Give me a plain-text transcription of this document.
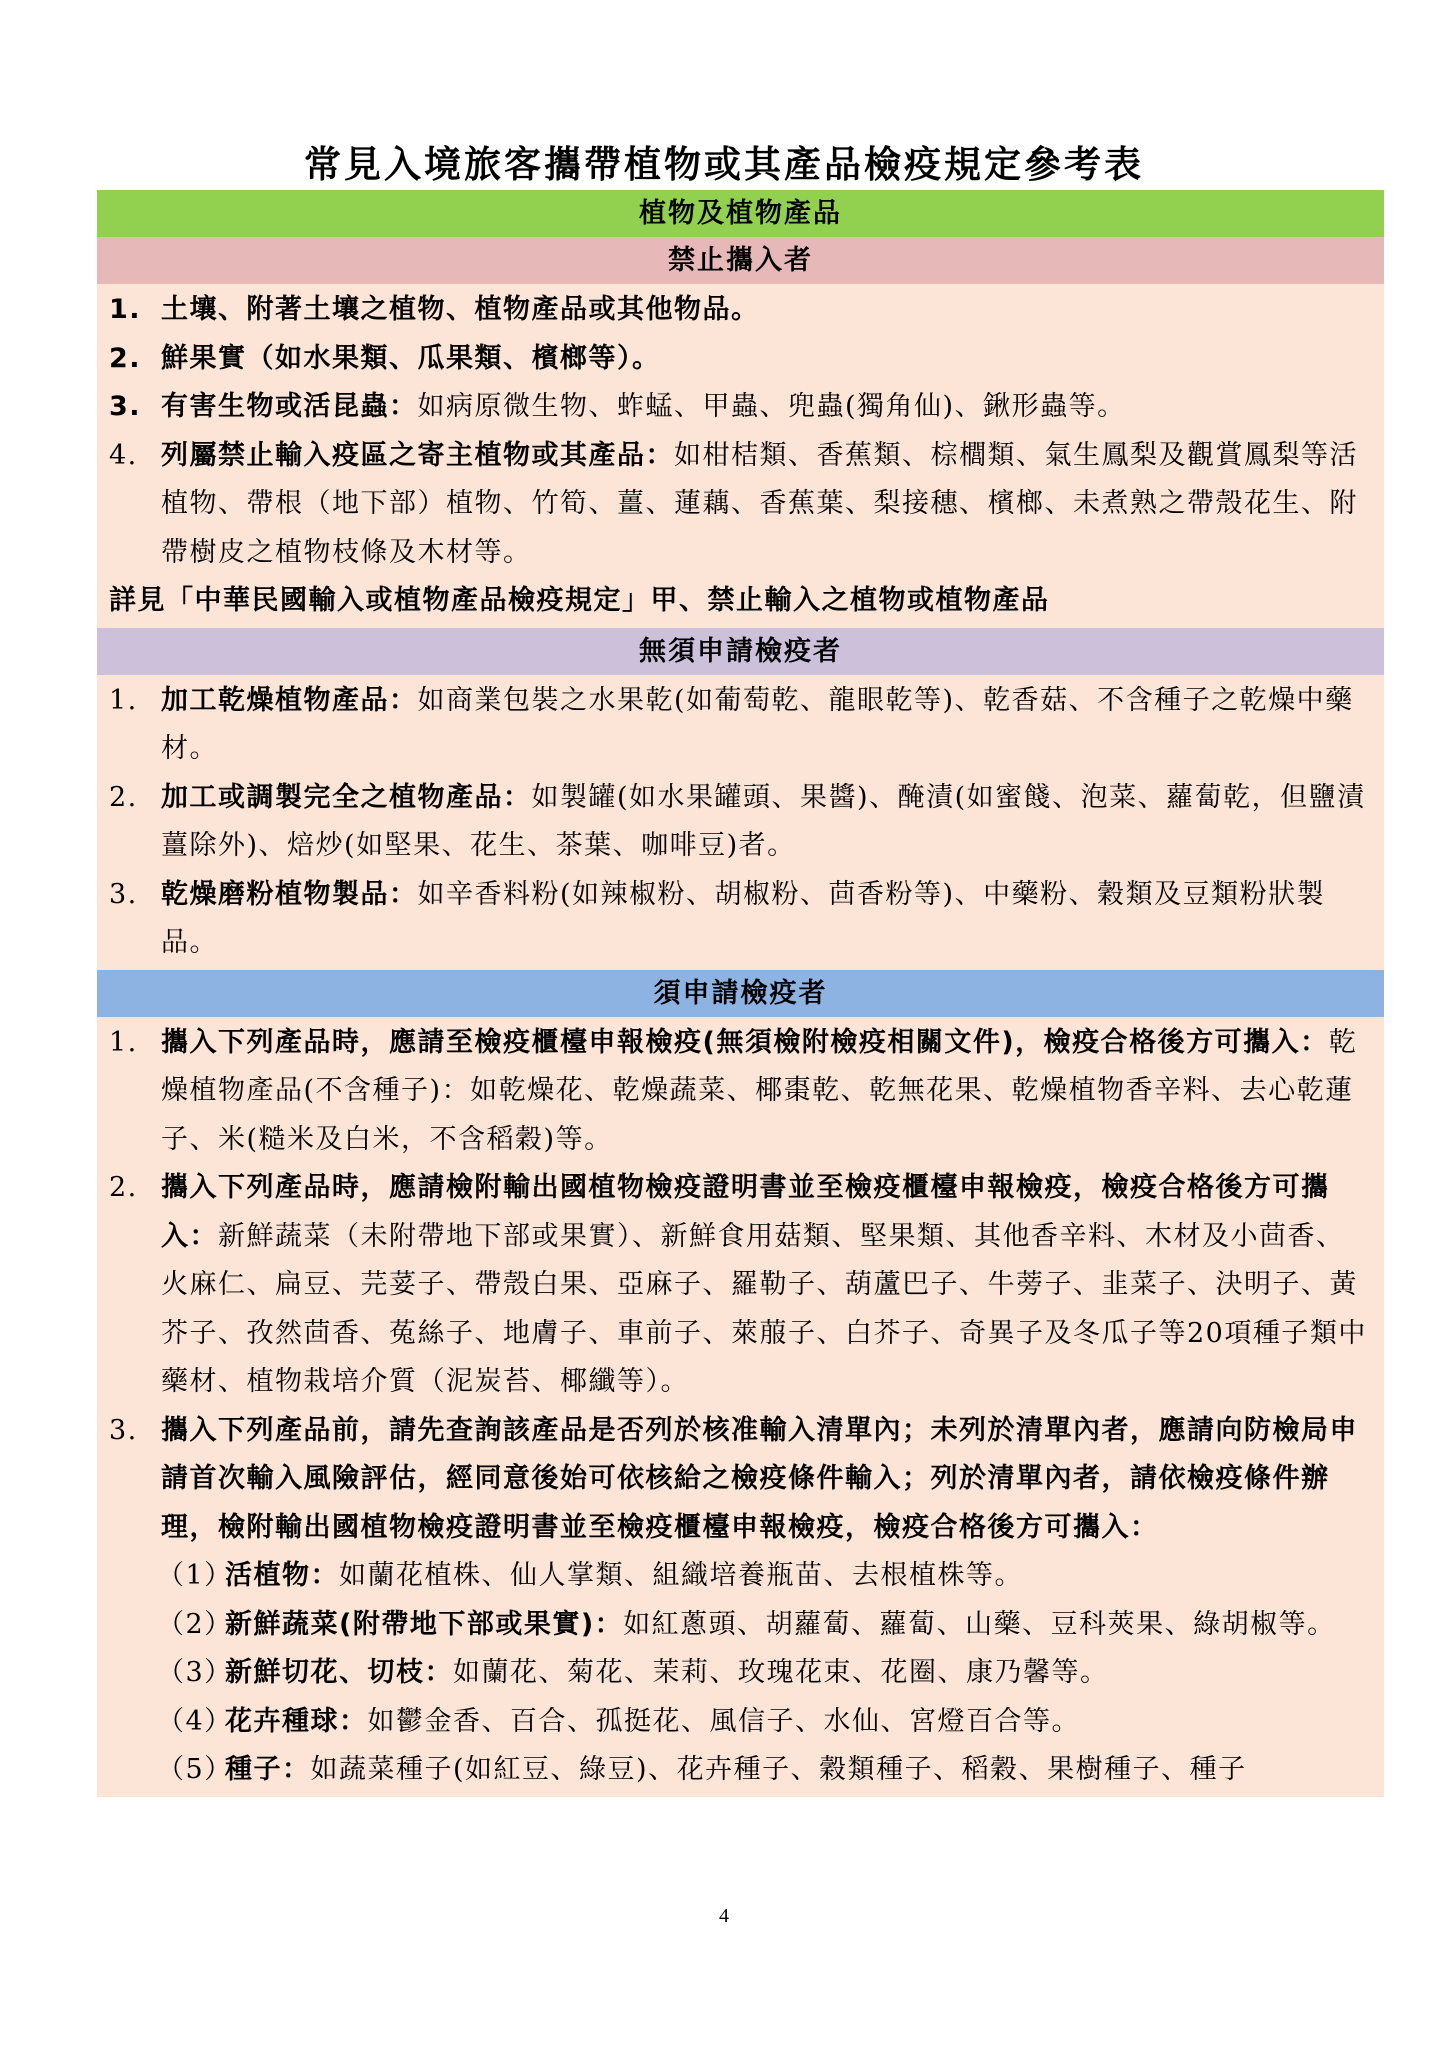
常見入境旅客攜帶植物或其產品檢疫規定參考表
植物及植物產品
禁止攜入者
1. 土壤、附著土壤之植物、植物產品或其他物品。
2. 鮮果實（如水果類、瓜果類、檳榔等）。
3. 有害生物或活昆蟲：如病原微生物、蚱蜢、甲蟲、兜蟲(獨角仙)、鍬形蟲等。
4. 列屬禁止輸入疫區之寄主植物或其產品：如柑桔類、香蕉類、棕櫚類、氣生鳳梨及觀賞鳳梨等活植物、帶根（地下部）植物、竹筍、薑、蓮藕、香蕉葉、梨接穗、檳榔、未煮熟之帶殼花生、附帶樹皮之植物枝條及木材等。
詳見「中華民國輸入或植物產品檢疫規定」甲、禁止輸入之植物或植物產品
無須申請檢疫者
1. 加工乾燥植物產品：如商業包裝之水果乾(如葡萄乾、龍眼乾等)、乾香菇、不含種子之乾燥中藥材。
2. 加工或調製完全之植物產品：如製罐(如水果罐頭、果醬)、醃漬(如蜜餞、泡菜、蘿蔔乾，但鹽漬薑除外)、焙炒(如堅果、花生、茶葉、咖啡豆)者。
3. 乾燥磨粉植物製品：如辛香料粉(如辣椒粉、胡椒粉、茴香粉等)、中藥粉、穀類及豆類粉狀製品。
須申請檢疫者
1. 攜入下列產品時，應請至檢疫櫃檯申報檢疫(無須檢附檢疫相關文件)，檢疫合格後方可攜入：乾燥植物產品(不含種子)：如乾燥花、乾燥蔬菜、椰棗乾、乾無花果、乾燥植物香辛料、去心乾蓮子、米(糙米及白米，不含稻穀)等。
2. 攜入下列產品時，應請檢附輸出國植物檢疫證明書並至檢疫櫃檯申報檢疫，檢疫合格後方可攜入：新鮮蔬菜（未附帶地下部或果實）、新鮮食用菇類、堅果類、其他香辛料、木材及小茴香、火麻仁、扁豆、芫荽子、帶殼白果、亞麻子、羅勒子、葫蘆巴子、牛蒡子、韭菜子、決明子、黃芥子、孜然茴香、菟絲子、地膚子、車前子、萊菔子、白芥子、奇異子及冬瓜子等20項種子類中藥材、植物栽培介質（泥炭苔、椰纖等）。
3. 攜入下列產品前，請先查詢該產品是否列於核准輸入清單內；未列於清單內者，應請向防檢局申請首次輸入風險評估，經同意後始可依核給之檢疫條件輸入；列於清單內者，請依檢疫條件辦理，檢附輸出國植物檢疫證明書並至檢疫櫃檯申報檢疫，檢疫合格後方可攜入：
（1）
活植物：如蘭花植株、仙人掌類、組織培養瓶苗、去根植株等。
（2）
新鮮蔬菜(附帶地下部或果實)：如紅蔥頭、胡蘿蔔、蘿蔔、山藥、豆科莢果、綠胡椒等。
（3）
新鮮切花、切枝：如蘭花、菊花、茉莉、玫瑰花束、花圈、康乃馨等。
（4）
花卉種球：如鬱金香、百合、孤挺花、風信子、水仙、宮燈百合等。
（5）
種子：如蔬菜種子(如紅豆、綠豆)、花卉種子、穀類種子、稻穀、果樹種子、種子
4
